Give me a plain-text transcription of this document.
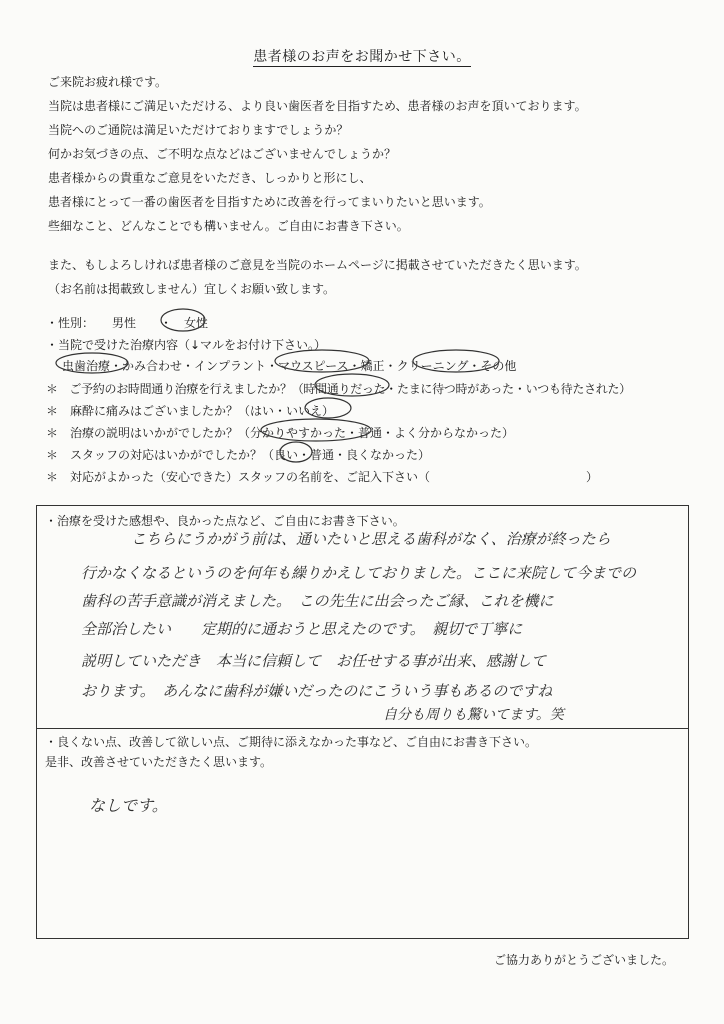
患者様のお声をお聞かせ下さい。
ご来院お疲れ様です。
当院は患者様にご満足いただける、より良い歯医者を目指すため、患者様のお声を頂いております。
当院へのご通院は満足いただけておりますでしょうか？
何かお気づきの点、ご不明な点などはございませんでしょうか？
患者様からの貴重なご意見をいただき、しっかりと形にし、
患者様にとって一番の歯医者を目指すために改善を行ってまいりたいと思います。
些細なこと、どんなことでも構いません。ご自由にお書き下さい。
また、もしよろしければ患者様のご意見を当院のホームページに掲載させていただきたく思います。
（お名前は掲載致しません）宜しくお願い致します。
・性別：　　男性　　・　女性
・当院で受けた治療内容（↓マルをお付け下さい。）
虫歯治療・かみ合わせ・インプラント・マウスピース・矯正・クリーニング・その他
＊　ご予約のお時間通り治療を行えましたか？（時間通りだった・たまに待つ時があった・いつも待たされた）
＊　麻酔に痛みはございましたか？（はい・いいえ）
＊　治療の説明はいかがでしたか？（分かりやすかった・普通・よく分からなかった）
＊　スタッフの対応はいかがでしたか？（良い・普通・良くなかった）
＊　対応がよかった（安心できた）スタッフの名前を、ご記入下さい（　　　　　　　　　　　　　）
・治療を受けた感想や、良かった点など、ご自由にお書き下さい。
こちらにうかがう前は、通いたいと思える歯科がなく、治療が終ったら
行かなくなるというのを何年も繰りかえしておりました。ここに来院して今までの
歯科の苦手意識が消えました。　この先生に出会ったご縁、これを機に
全部治したい　　定期的に通おうと思えたのです。　親切で丁寧に
説明していただき　本当に信頼して　お任せする事が出来、感謝して
おります。　あんなに歯科が嫌いだったのにこういう事もあるのですね
自分も周りも驚いてます。笑
・良くない点、改善して欲しい点、ご期待に添えなかった事など、ご自由にお書き下さい。
是非、改善させていただきたく思います。
なしです。
ご協力ありがとうございました。
